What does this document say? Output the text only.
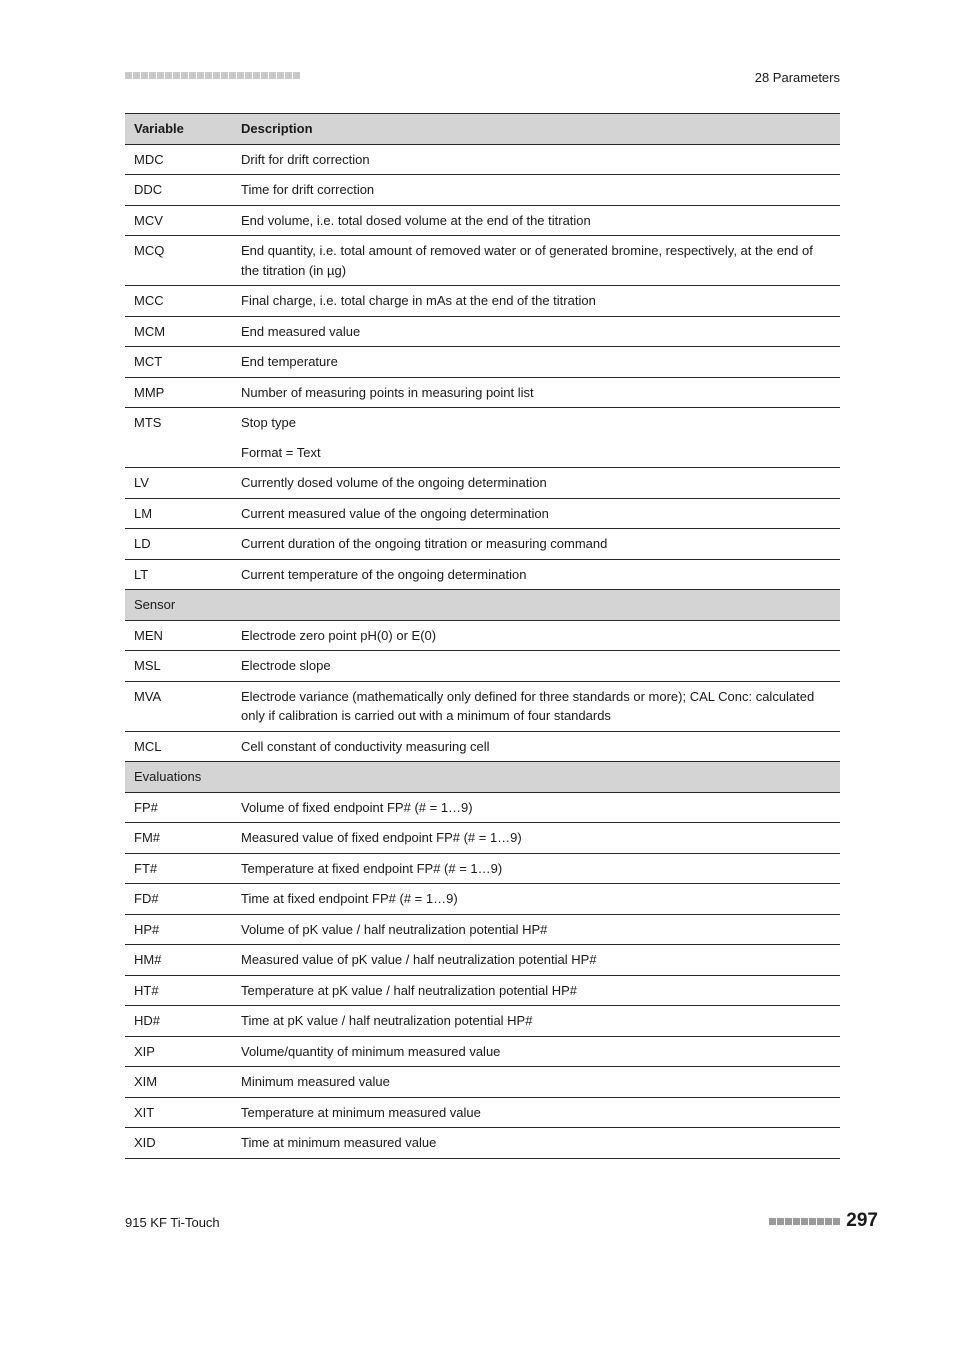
28 Parameters
Variable	Description
MDC	Drift for drift correction

DDC	Time for drift correction

MCV	End volume, i.e. total dosed volume at the end of the titration

MCQ	End quantity, i.e. total amount of removed water or of generated bromine, respectively, at the end of the titration (in µg)

MCC	Final charge, i.e. total charge in mAs at the end of the titration

MCM	End measured value

MCT	End temperature

MMP	Number of measuring points in measuring point list

MTS	Stop type
Format = Text

LV	Currently dosed volume of the ongoing determination

LM	Current measured value of the ongoing determination

LD	Current duration of the ongoing titration or measuring command

LT	Current temperature of the ongoing determination

Sensor	
MEN	Electrode zero point pH(0) or E(0)

MSL	Electrode slope

MVA	Electrode variance (mathematically only defined for three standards or more); CAL Conc: calculated only if calibration is carried out with a minimum of four standards

MCL	Cell constant of conductivity measuring cell

Evaluations	
FP#	Volume of fixed endpoint FP# (# = 1…9)

FM#	Measured value of fixed endpoint FP# (# = 1…9)

FT#	Temperature at fixed endpoint FP# (# = 1…9)

FD#	Time at fixed endpoint FP# (# = 1…9)

HP#	Volume of pK value / half neutralization potential HP#

HM#	Measured value of pK value / half neutralization potential HP#

HT#	Temperature at pK value / half neutralization potential HP#

HD#	Time at pK value / half neutralization potential HP#

XIP	Volume/quantity of minimum measured value

XIM	Minimum measured value

XIT	Temperature at minimum measured value

XID	Time at minimum measured value
915 KF Ti-Touch	297
